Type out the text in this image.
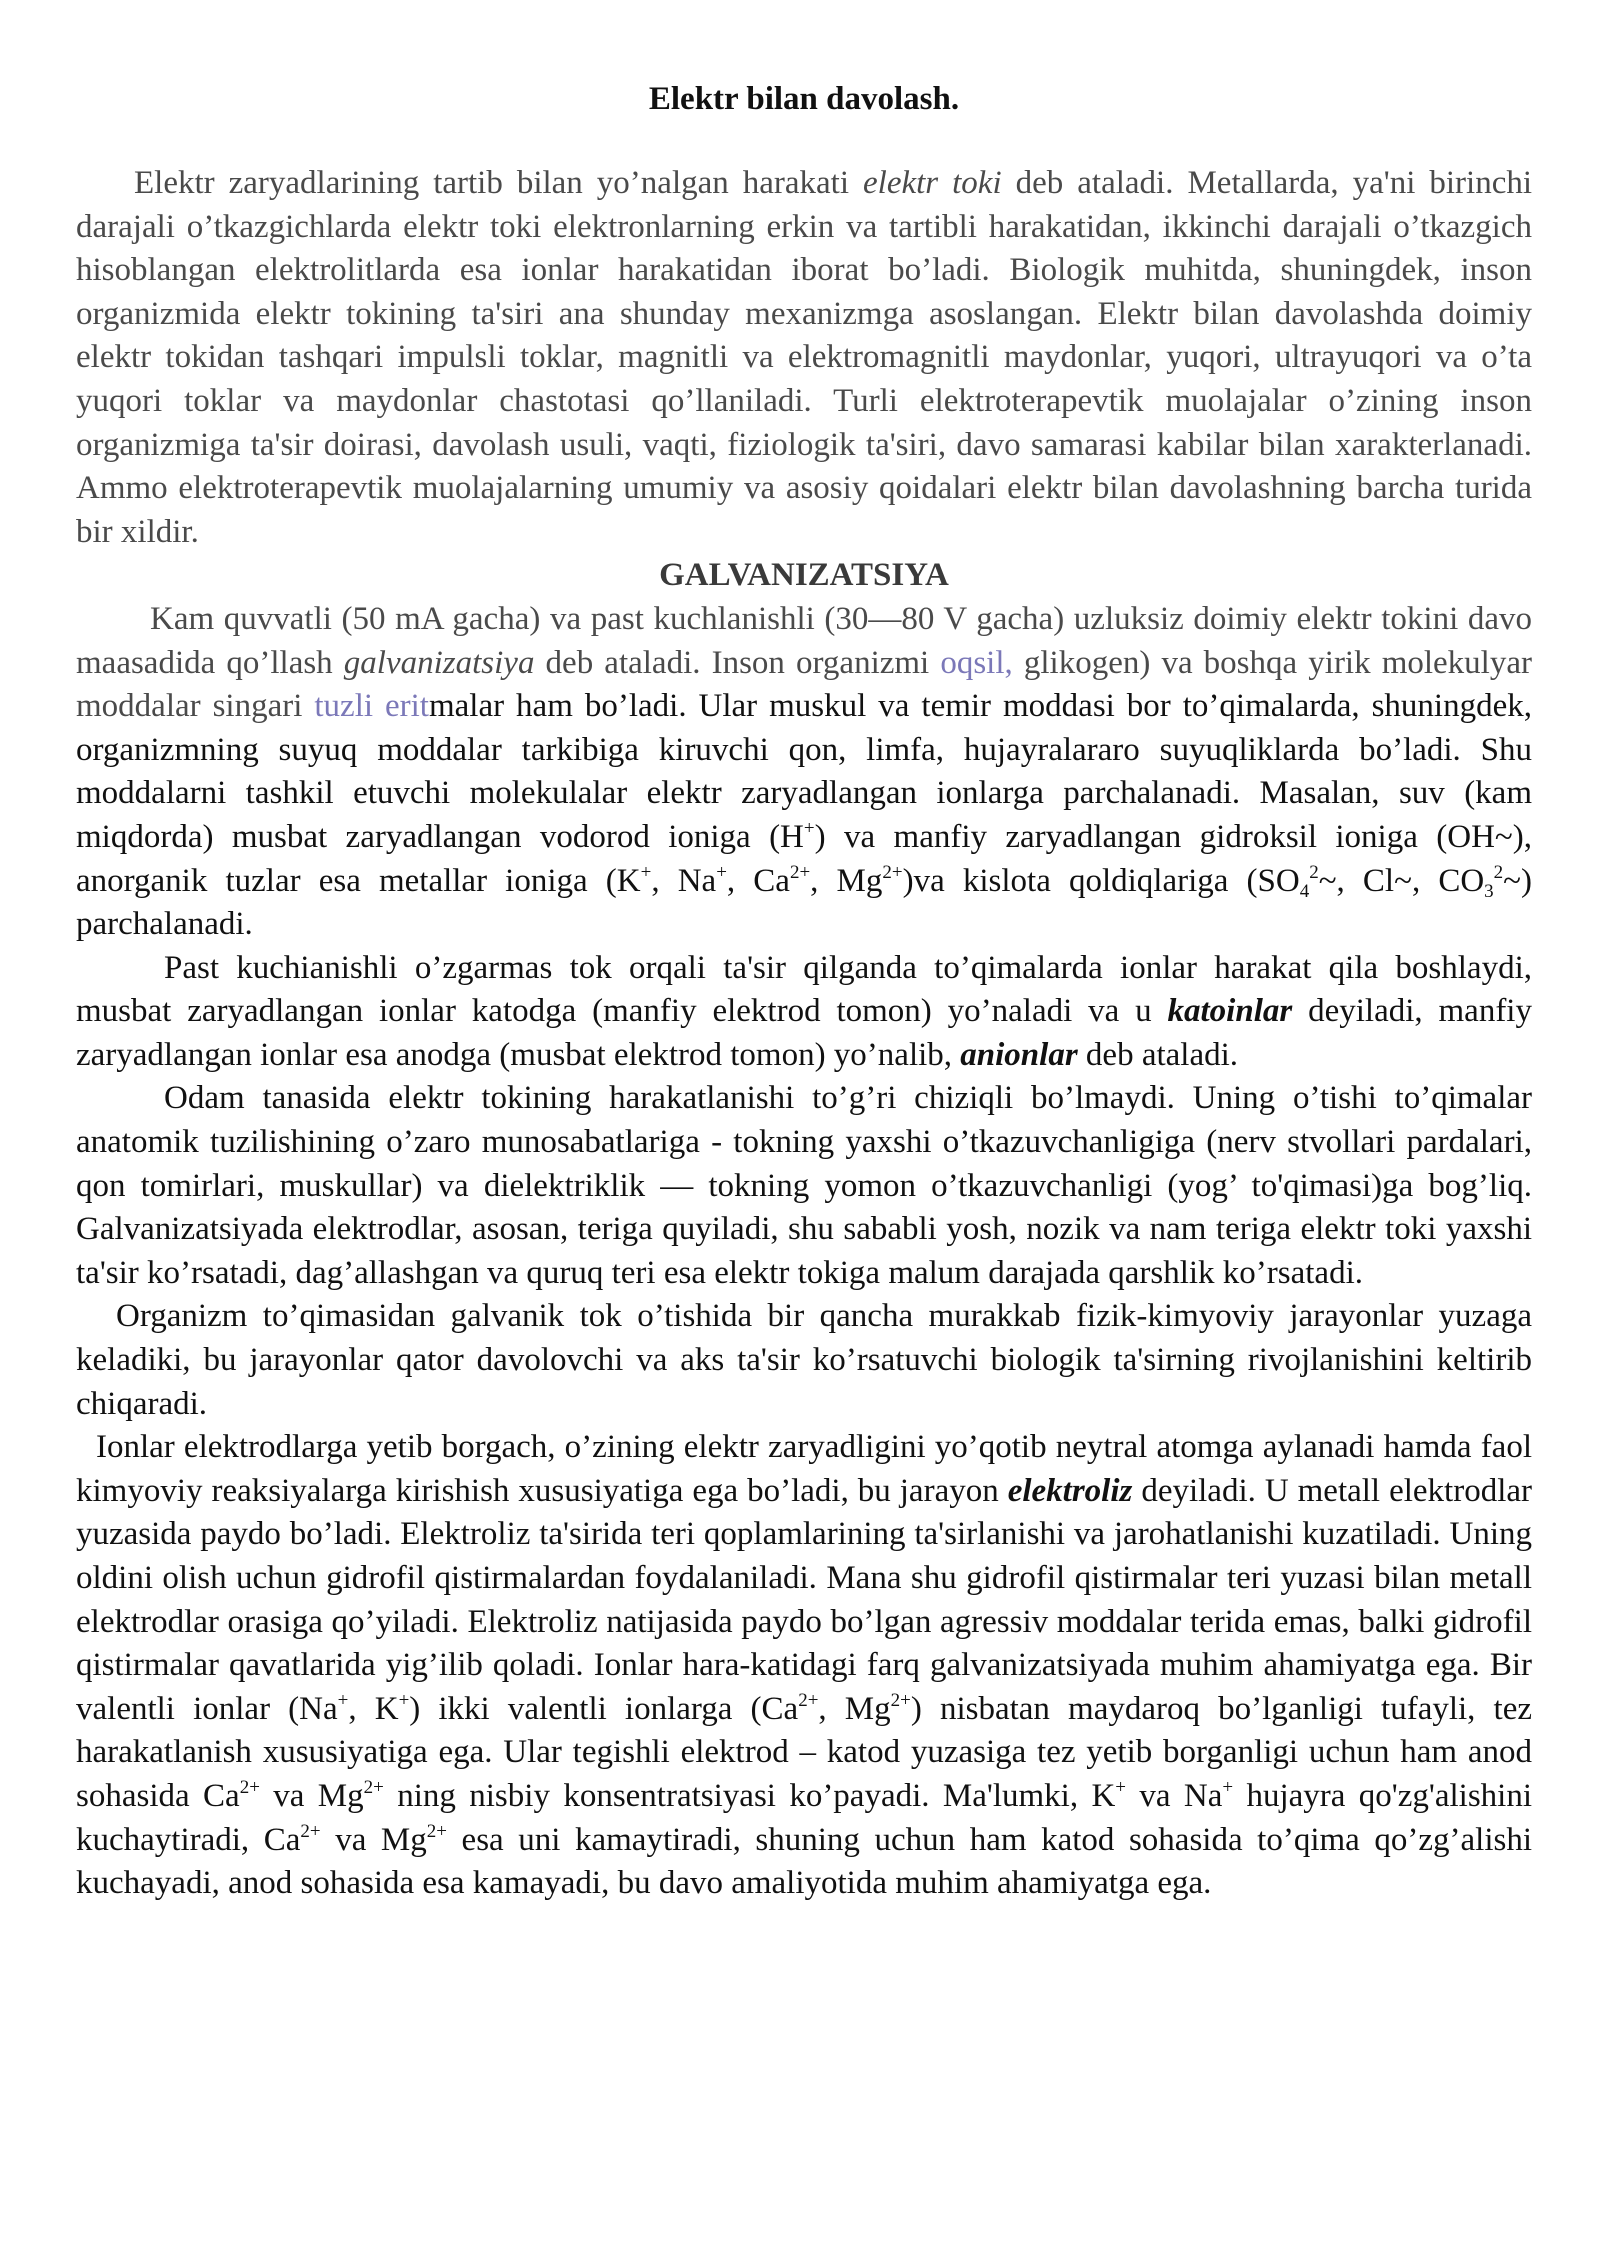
Elektr bilan davolash.

Elektr zaryadlarining tartib bilan yo’nalgan harakati elektr toki deb ataladi. Metallarda, ya'ni birinchi darajali o’tkazgichlarda elektr toki elektronlarning erkin va tartibli harakatidan, ikkinchi darajali o’tkazgich hisoblangan elektrolitlarda esa ionlar harakatidan iborat bo’ladi. Biologik muhitda, shuningdek, inson organizmida elektr tokining ta'siri ana shunday mexanizmga asoslangan. Elektr bilan davolashda doimiy elektr tokidan tashqari impulsli toklar, magnitli va elektromagnitli maydonlar, yuqori, ultrayuqori va o’ta yuqori toklar va maydonlar chastotasi qo’llaniladi. Turli elektroterapevtik muolajalar o’zining inson organizmiga ta'sir doirasi, davolash usuli, vaqti, fiziologik ta'siri, davo samarasi kabilar bilan xarakterlanadi. Ammo elektroterapevtik muolajalarning umumiy va asosiy qoidalari elektr bilan davolashning barcha turida bir xildir.

GALVANIZATSIYA

Kam quvvatli (50 mA gacha) va past kuchlanishli (30—80 V gacha) uzluksiz doimiy elektr tokini davo maasadida qo’llash galvanizatsiya deb ataladi. Inson organizmi oqsil, glikogen) va boshqa yirik molekulyar moddalar singari tuzli eritmalar ham bo’ladi. Ular muskul va temir moddasi bor to’qimalarda, shuningdek, organizmning suyuq moddalar tarkibiga kiruvchi qon, limfa, hujayralararo suyuqliklarda bo’ladi. Shu moddalarni tashkil etuvchi molekulalar elektr zaryadlangan ionlarga parchalanadi. Masalan, suv (kam miqdorda) musbat zaryadlangan vodorod ioniga (H+) va manfiy zaryadlangan gidroksil ioniga (OH~), anorganik tuzlar esa metallar ioniga (K+, Na+, $Ca^{2+}$, $Mg^{2+})va$ kislota qoldiqlariga ($SO_4^2\sim$, Cl~, $CO_3^2\sim$) parchalanadi.

Past kuchianishli o’zgarmas tok orqali ta'sir qilganda to’qimalarda ionlar harakat qila boshlaydi, musbat zaryadlangan ionlar katodga (manfiy elektrod tomon) yo’naladi va u katoinlar deyiladi, manfiy zaryadlangan ionlar esa anodga (musbat elektrod tomon) yo’nalib, anionlar deb ataladi.

Odam tanasida elektr tokining harakatlanishi to’g’ri chiziqli bo’lmaydi. Uning o’tishi to’qimalar anatomik tuzilishining o’zaro munosabatlariga - tokning yaxshi o’tkazuvchanligiga (nerv stvollari pardalari, qon tomirlari, muskullar) va dielektriklik — tokning yomon o’tkazuvchanligi (yog’ to'qimasi)ga bog’liq. Galvanizatsiyada elektrodlar, asosan, teriga quyiladi, shu sababli yosh, nozik va nam teriga elektr toki yaxshi ta'sir ko’rsatadi, dag’allashgan va quruq teri esa elektr tokiga malum darajada qarshlik ko’rsatadi.

Organizm to’qimasidan galvanik tok o’tishida bir qancha murakkab fizik-kimyoviy jarayonlar yuzaga keladiki, bu jarayonlar qator davolovchi va aks ta'sir ko’rsatuvchi biologik ta'sirning rivojlanishini keltirib chiqaradi.

Ionlar elektrodlarga yetib borgach, o’zining elektr zaryadligini yo’qotib neytral atomga aylanadi hamda faol kimyoviy reaksiyalarga kirishish xususiyatiga ega bo’ladi, bu jarayon elektroliz deyiladi. U metall elektrodlar yuzasida paydo bo’ladi. Elektroliz ta'sirida teri qoplamlarining ta'sirlanishi va jarohatlanishi kuzatiladi. Uning oldini olish uchun gidrofil qistirmalardan foydalaniladi. Mana shu gidrofil qistirmalar teri yuzasi bilan metall elektrodlar orasiga qo’yiladi. Elektroliz natijasida paydo bo’lgan agressiv moddalar terida emas, balki gidrofil qistirmalar qavatlarida yig’ilib qoladi. Ionlar hara-katidagi farq galvanizatsiyada muhim ahamiyatga ega. Bir valentli ionlar (Na+, K+) ikki valentli ionlarga ($Ca^{2+}$, $Mg^{2+}$) nisbatan maydaroq bo’lganligi tufayli, tez harakatlanish xususiyatiga ega. Ular tegishli elektrod – katod yuzasiga tez yetib borganligi uchun ham anod sohasida $Ca^{2+}$ va $Mg^{2+}$ ning nisbiy konsentratsiyasi ko’payadi. Ma'lumki, K+ va Na+ hujayra qo'zg'alishini kuchaytiradi, $Ca^{2+}$ va $Mg^{2+}$ esa uni kamaytiradi, shuning uchun ham katod sohasida to’qima qo’zg’alishi kuchayadi, anod sohasida esa kamayadi, bu davo amaliyotida muhim ahamiyatga ega.
